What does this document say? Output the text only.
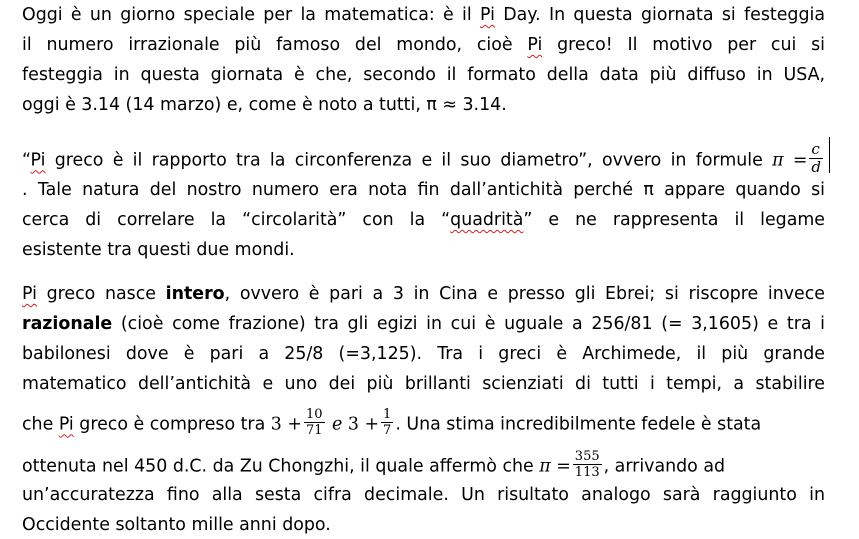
Oggi è un giorno speciale per la matematica: è il Pi Day. In questa giornata si festeggia
il numero irrazionale più famoso del mondo, cioè Pi greco! Il motivo per cui si
festeggia in questa giornata è che, secondo il formato della data più diffuso in USA,
oggi è 3.14 (14 marzo) e, come è noto a tutti, π ≈ 3.14.
“Pi greco è il rapporto tra la circonferenza e il suo diametro”, ovvero in formule $\pi = \frac{c}{d}$
. Tale natura del nostro numero era nota fin dall’antichità perché π appare quando si
cerca di correlare la “circolarità” con la “quadrità” e ne rappresenta il legame
esistente tra questi due mondi.
Pi greco nasce intero, ovvero è pari a 3 in Cina e presso gli Ebrei; si riscopre invece
razionale (cioè come frazione) tra gli egizi in cui è uguale a 256/81 (= 3,1605) e tra i
babilonesi dove è pari a 25/8 (=3,125). Tra i greci è Archimede, il più grande
matematico dell’antichità e uno dei più brillanti scienziati di tutti i tempi, a stabilire
che Pi greco è compreso tra $3 + \frac{10}{71}$ e $3 + \frac{1}{7}$ . Una stima incredibilmente fedele è stata
ottenuta nel 450 d.C. da Zu Chongzhi, il quale affermò che $\pi = \frac{355}{113}$ , arrivando ad
un’accuratezza fino alla sesta cifra decimale. Un risultato analogo sarà raggiunto in
Occidente soltanto mille anni dopo.
